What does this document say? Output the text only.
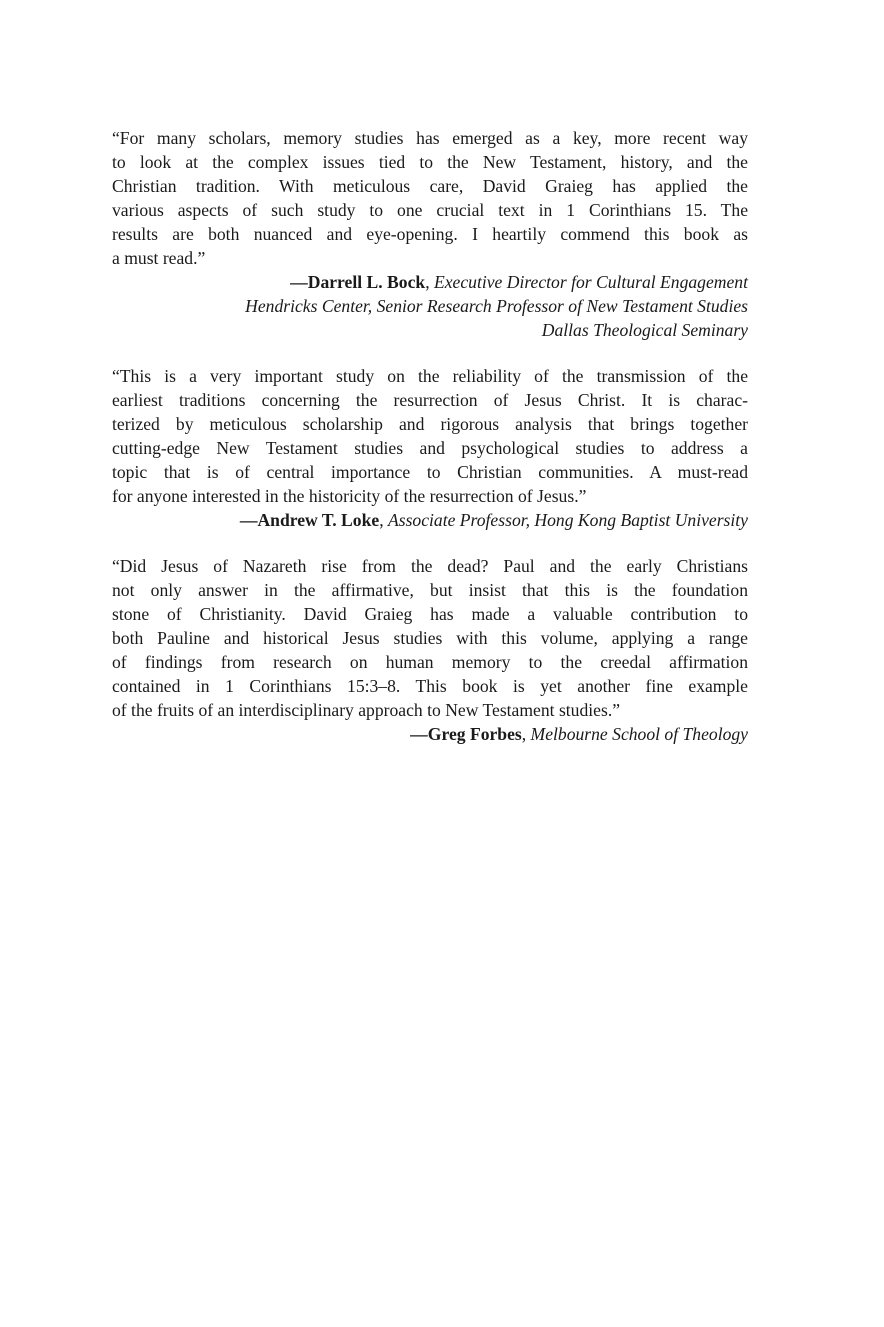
“For many scholars, memory studies has emerged as a key, more recent way
to look at the complex issues tied to the New Testament, history, and the
Christian tradition. With meticulous care, David Graieg has applied the
various aspects of such study to one crucial text in 1 Corinthians 15. The
results are both nuanced and eye-opening. I heartily commend this book as
a must read.”

—Darrell L. Bock, Executive Director for Cultural Engagement
Hendricks Center, Senior Research Professor of New Testament Studies
Dallas Theological Seminary

“This is a very important study on the reliability of the transmission of the
earliest traditions concerning the resurrection of Jesus Christ. It is charac-
terized by meticulous scholarship and rigorous analysis that brings together
cutting-edge New Testament studies and psychological studies to address a
topic that is of central importance to Christian communities. A must-read
for anyone interested in the historicity of the resurrection of Jesus.”

—Andrew T. Loke, Associate Professor, Hong Kong Baptist University

“Did Jesus of Nazareth rise from the dead? Paul and the early Christians
not only answer in the affirmative, but insist that this is the foundation
stone of Christianity. David Graieg has made a valuable contribution to
both Pauline and historical Jesus studies with this volume, applying a range
of findings from research on human memory to the creedal affirmation
contained in 1 Corinthians 15:3–8. This book is yet another fine example
of the fruits of an interdisciplinary approach to New Testament studies.”

—Greg Forbes, Melbourne School of Theology
